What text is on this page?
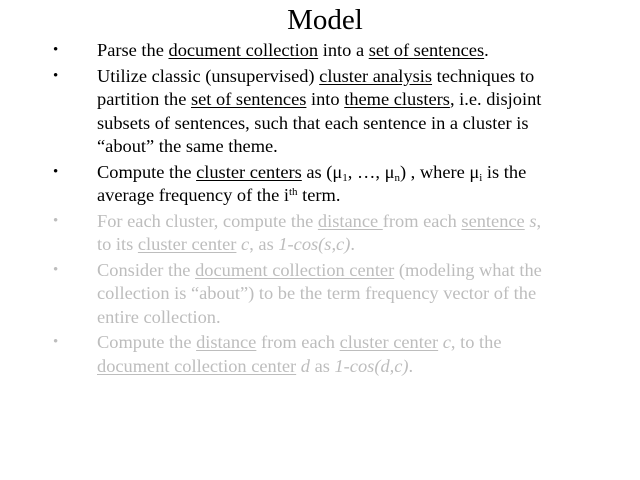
Model
•	Parse the document collection into a set of sentences.
•	Utilize classic (unsupervised) cluster analysis techniques to partition the set of sentences into theme clusters, i.e. disjoint subsets of sentences, such that each sentence in a cluster is “about” the same theme.
•	Compute the cluster centers as ($\mu_1$, …, $\mu_n$) , where $\mu_i$ is the average frequency of the $i^{th}$ term.
•	For each cluster, compute the distance from each sentence s, to its cluster center c, as 1-cos(s,c).
•	Consider the document collection center (modeling what the collection is “about”) to be the term frequency vector of the entire collection.
•	Compute the distance from each cluster center c, to the document collection center d as 1-cos(d,c).
